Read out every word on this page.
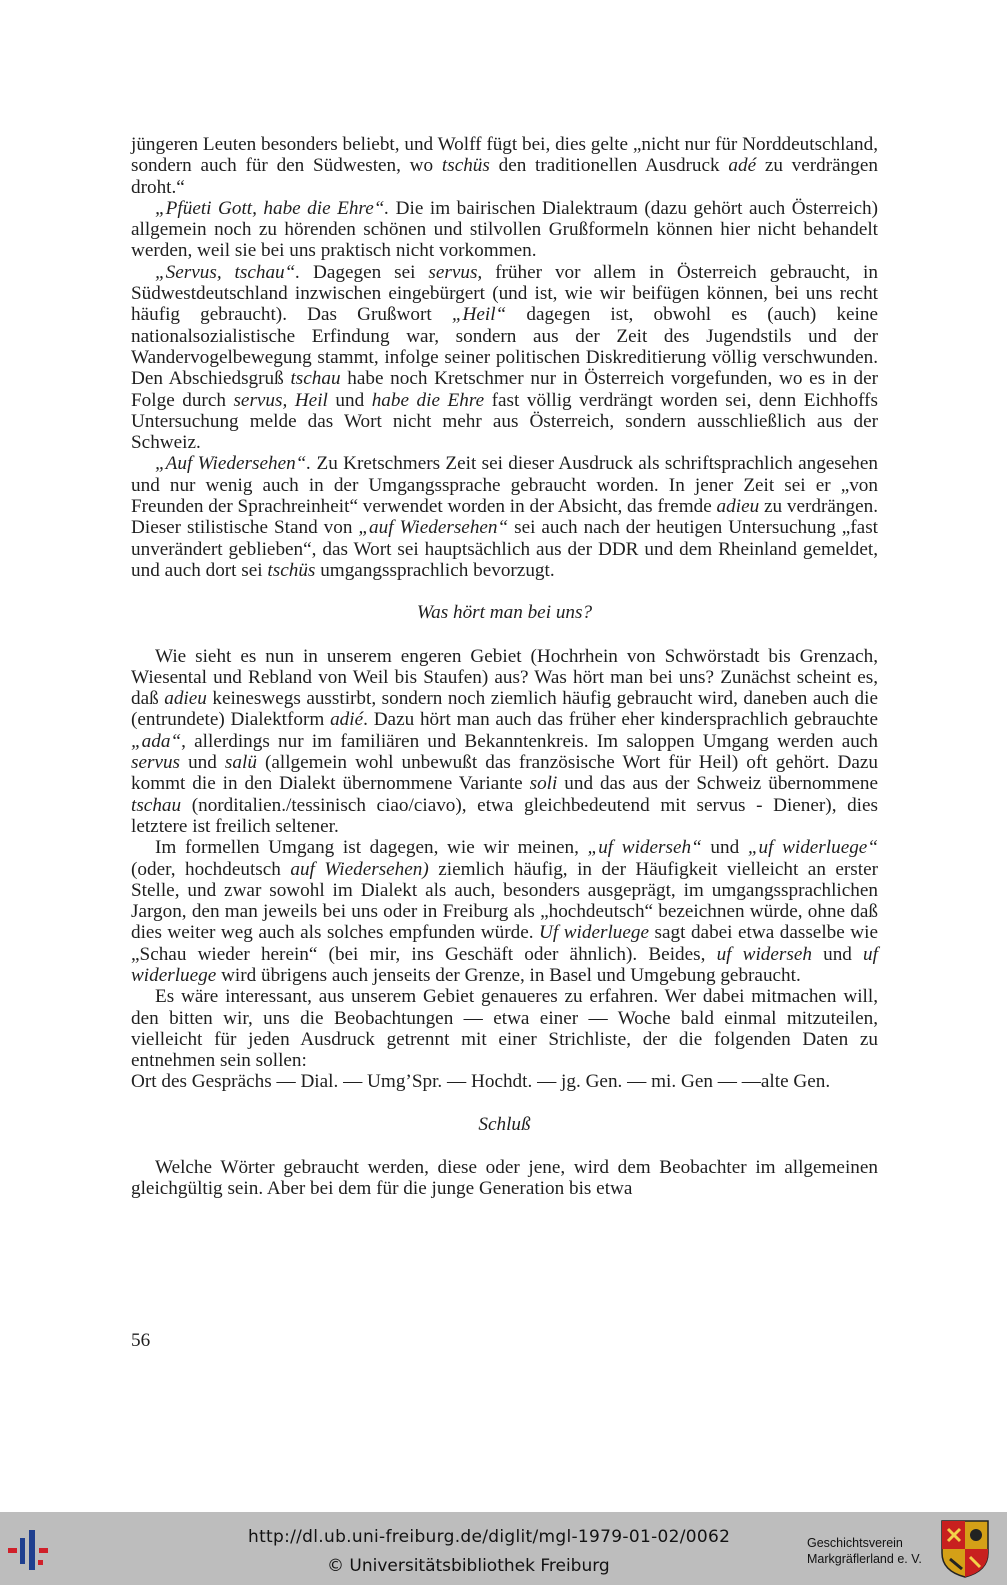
jüngeren Leuten besonders beliebt, und Wolff fügt bei, dies gelte „nicht nur für Norddeutschland, sondern auch für den Südwesten, wo tschüs den traditionellen Ausdruck adé zu verdrängen droht.“

„Pfüeti Gott, habe die Ehre“. Die im bairischen Dialektraum (dazu gehört auch Österreich) allgemein noch zu hörenden schönen und stilvollen Grußformeln können hier nicht behandelt werden, weil sie bei uns praktisch nicht vorkommen.

„Servus, tschau“. Dagegen sei servus, früher vor allem in Österreich gebraucht, in Südwestdeutschland inzwischen eingebürgert (und ist, wie wir beifügen können, bei uns recht häufig gebraucht). Das Grußwort „Heil“ dagegen ist, obwohl es (auch) keine nationalsozialistische Erfindung war, sondern aus der Zeit des Jugendstils und der Wandervogelbewegung stammt, infolge seiner politischen Diskreditierung völlig verschwunden. Den Abschiedsgruß tschau habe noch Kretschmer nur in Österreich vorgefunden, wo es in der Folge durch servus, Heil und habe die Ehre fast völlig verdrängt worden sei, denn Eichhoffs Untersuchung melde das Wort nicht mehr aus Österreich, sondern ausschließlich aus der Schweiz.

„Auf Wiedersehen“. Zu Kretschmers Zeit sei dieser Ausdruck als schriftsprachlich angesehen und nur wenig auch in der Umgangssprache gebraucht worden. In jener Zeit sei er „von Freunden der Sprachreinheit“ verwendet worden in der Absicht, das fremde adieu zu verdrängen. Dieser stilistische Stand von „auf Wiedersehen“ sei auch nach der heutigen Untersuchung „fast unverändert geblieben“, das Wort sei hauptsächlich aus der DDR und dem Rheinland gemeldet, und auch dort sei tschüs umgangssprachlich bevorzugt.

Was hört man bei uns?

Wie sieht es nun in unserem engeren Gebiet (Hochrhein von Schwörstadt bis Grenzach, Wiesental und Rebland von Weil bis Staufen) aus? Was hört man bei uns? Zunächst scheint es, daß adieu keineswegs ausstirbt, sondern noch ziemlich häufig gebraucht wird, daneben auch die (entrundete) Dialektform adié. Dazu hört man auch das früher eher kindersprachlich gebrauchte „ada“, allerdings nur im familiären und Bekanntenkreis. Im saloppen Umgang werden auch servus und salü (allgemein wohl unbewußt das französische Wort für Heil) oft gehört. Dazu kommt die in den Dialekt übernommene Variante soli und das aus der Schweiz übernommene tschau (norditalien./tessinisch ciao/ciavo), etwa gleichbedeutend mit servus - Diener), dies letztere ist freilich seltener.

Im formellen Umgang ist dagegen, wie wir meinen, „uf widerseh“ und „uf widerluege“ (oder, hochdeutsch auf Wiedersehen) ziemlich häufig, in der Häufigkeit vielleicht an erster Stelle, und zwar sowohl im Dialekt als auch, besonders ausgeprägt, im umgangssprachlichen Jargon, den man jeweils bei uns oder in Freiburg als „hochdeutsch“ bezeichnen würde, ohne daß dies weiter weg auch als solches empfunden würde. Uf widerluege sagt dabei etwa dasselbe wie „Schau wieder herein“ (bei mir, ins Geschäft oder ähnlich). Beides, uf widerseh und uf widerluege wird übrigens auch jenseits der Grenze, in Basel und Umgebung gebraucht.

Es wäre interessant, aus unserem Gebiet genaueres zu erfahren. Wer dabei mitmachen will, den bitten wir, uns die Beobachtungen — etwa einer — Woche bald einmal mitzuteilen, vielleicht für jeden Ausdruck getrennt mit einer Strichliste, der die folgenden Daten zu entnehmen sein sollen:

Ort des Gesprächs — Dial. — Umg’Spr. — Hochdt. — jg. Gen. — mi. Gen — —alte Gen.

Schluß

Welche Wörter gebraucht werden, diese oder jene, wird dem Beobachter im allgemeinen gleichgültig sein. Aber bei dem für die junge Generation bis etwa

56
http://dl.ub.uni-freiburg.de/diglit/mgl-1979-01-02/0062
© Universitätsbibliothek Freiburg
Geschichtsverein
Markgräflerland e. V.
